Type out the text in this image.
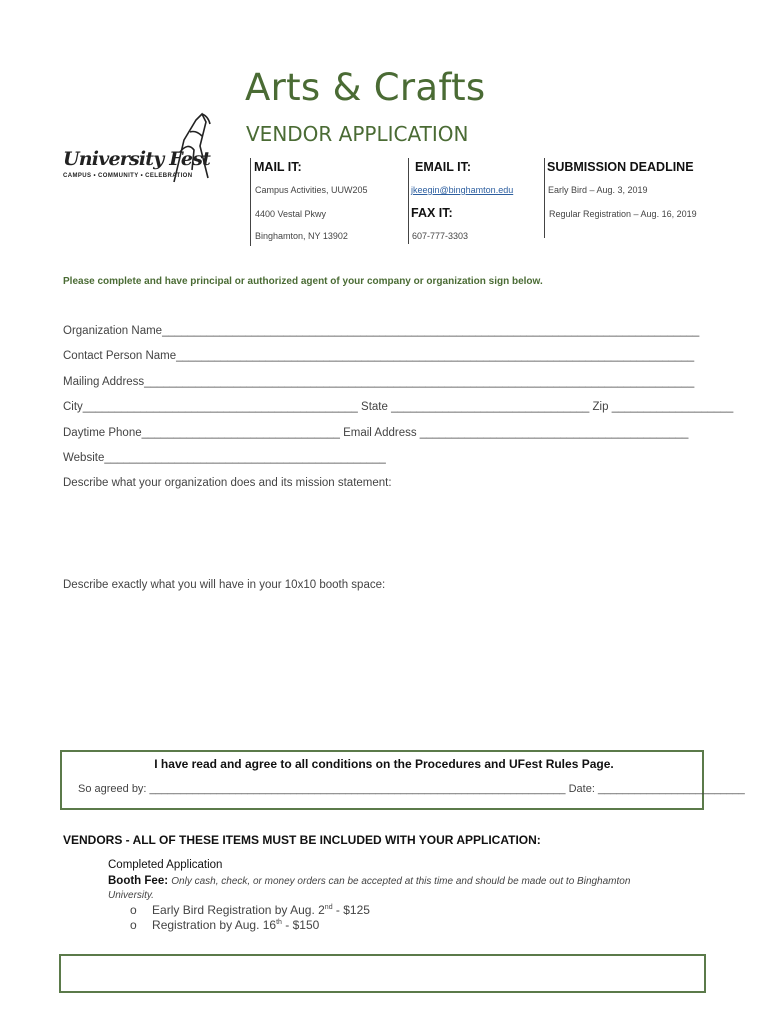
Arts & Crafts
VENDOR APPLICATION
University Fest
CAMPUS • COMMUNITY • CELEBRATION
MAIL IT:
Campus Activities, UUW205
4400 Vestal Pkwy
Binghamton, NY 13902
EMAIL IT:
jkeegin@binghamton.edu
FAX IT:
607-777-3303
SUBMISSION DEADLINE
Early Bird – Aug. 3, 2019
Regular Registration – Aug. 16, 2019
Please complete and have principal or authorized agent of your company or organization sign below.
Organization Name____________________________________________________________________________________
Contact Person Name_________________________________________________________________________________
Mailing Address______________________________________________________________________________________
City___________________________________________ State _______________________________ Zip ___________________
Daytime Phone_______________________________ Email Address __________________________________________
Website____________________________________________
Describe what your organization does and its mission statement:
Describe exactly what you will have in your 10x10 booth space:
I have read and agree to all conditions on the Procedures and UFest Rules Page.
So agreed by: ____________________________________________________________________ Date: ________________________
VENDORS - ALL OF THESE ITEMS MUST BE INCLUDED WITH YOUR APPLICATION:
Completed Application
Booth Fee: Only cash, check, or money orders can be accepted at this time and should be made out to Binghamton
University.
o Early Bird Registration by Aug. 2nd - $125
o Registration by Aug. 16th - $150
